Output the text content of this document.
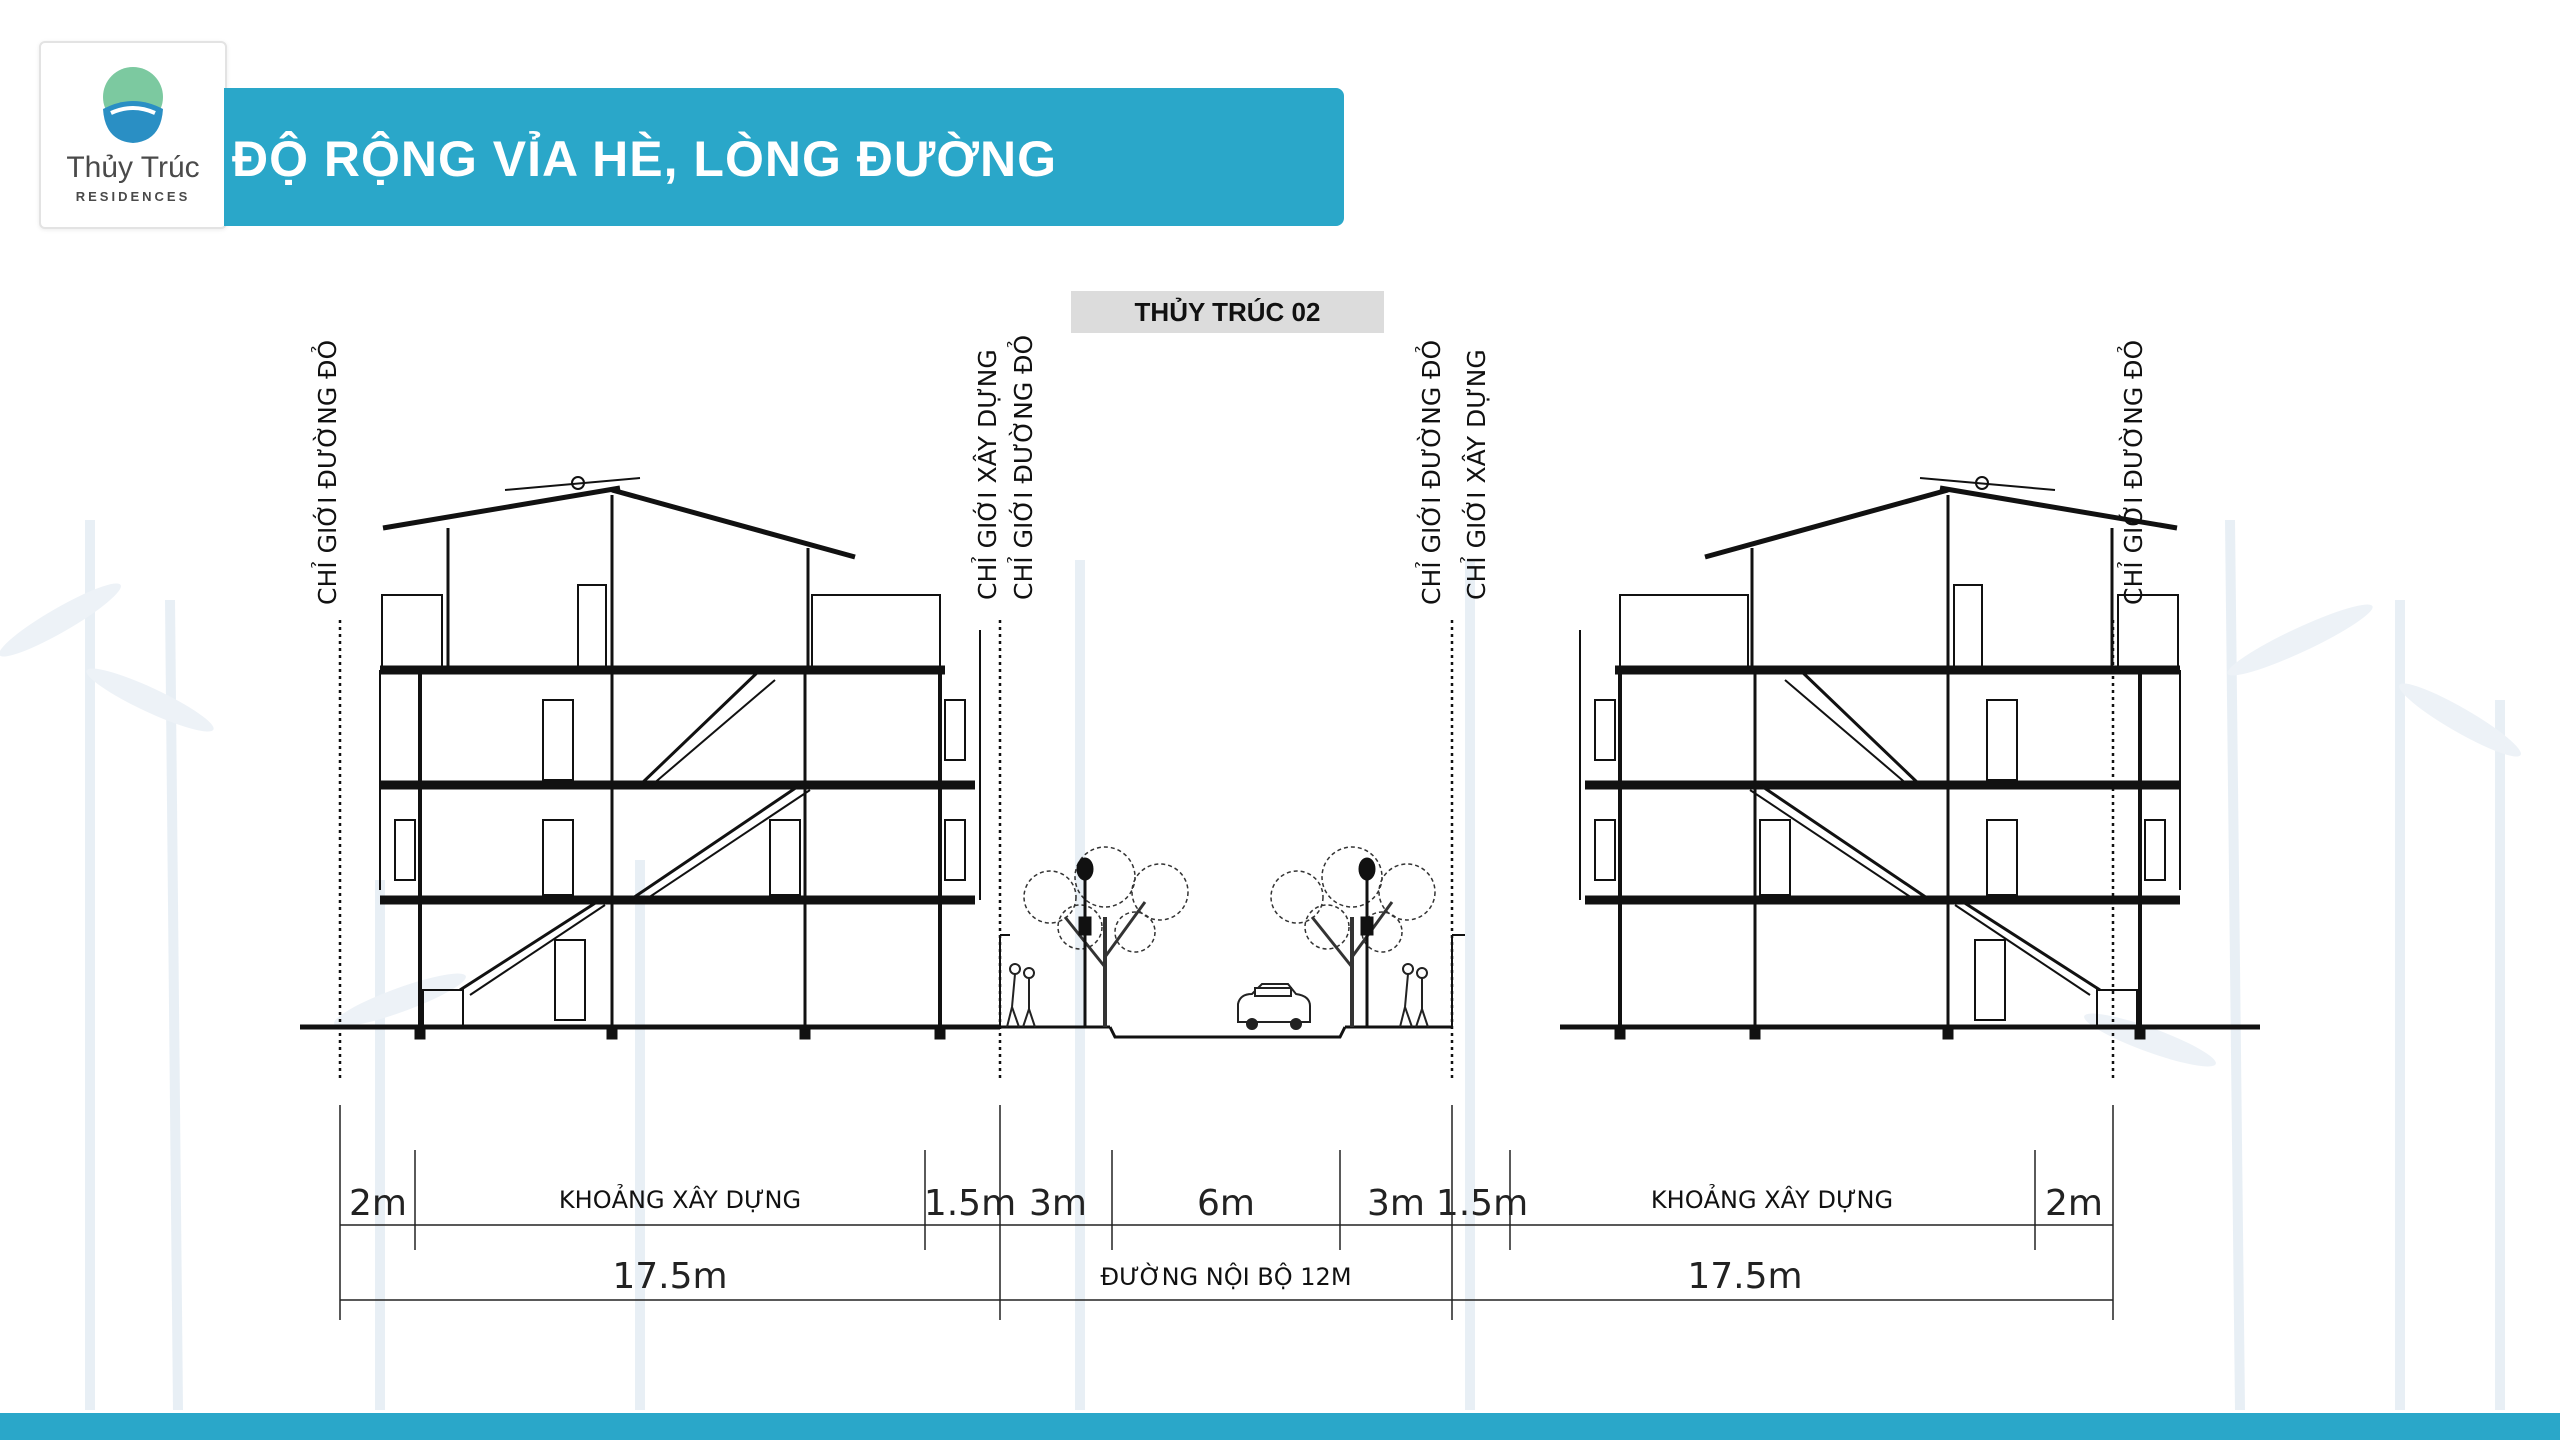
Thủy Trúc
RESIDENCES
ĐỘ RỘNG VỈA HÈ, LÒNG ĐƯỜNG
THỦY TRÚC 02
CHỈ GIỚI ĐƯỜNG ĐỎ	CHỈ GIỚI XÂY DỰNG CHỈ GIỚI ĐƯỜNG ĐỎ	CHỈ GIỚI ĐƯỜNG ĐỎ CHỈ GIỚI XÂY DỰNG	CHỈ GIỚI ĐƯỜNG ĐỎ
2m	KHOẢNG XÂY DỰNG	1.5m 3m	6m	3m 1.5m	KHOẢNG XÂY DỰNG	2m
17.5m	ĐƯỜNG NỘI BỘ 12M	17.5m
